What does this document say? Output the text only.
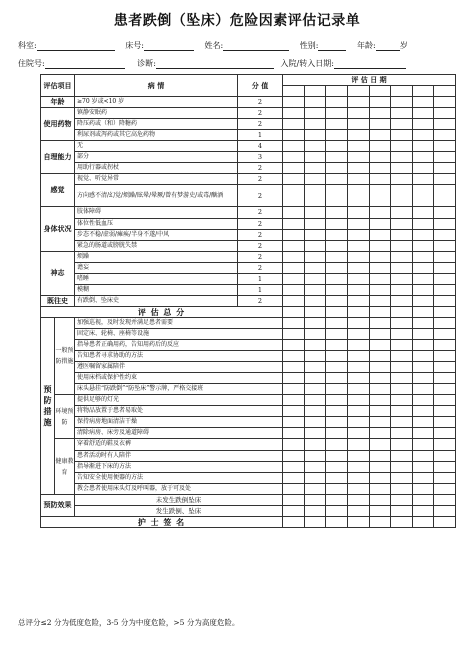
患者跌倒（坠床）危险因素评估记录单
科室:	床号:	姓名:	性别:	年龄:	岁
住院号:	诊断:	入院/转入日期:
评估项目		病 情	分 值	评 估 日 期							

年龄		≥70 岁或<10 岁	2								
使用药物		镇静安眠药	2								
		降压药或（和）降糖药	2								
		利尿剂或泻药或其它高危药物	1								
自理能力		无	4								
		部分	3								
		用助行器或拐杖	2								
感觉		视觉、听觉异常	2								
		方向感不清/幻觉/烦躁/眩晕/晕厥/曾有梦游史/或毒/酗酒	2								
身体状况		肢体障碍	2								
		体位性低血压	2								
		步态不稳/虚弱/瘫痪/半身不遂/中风	2								
		紧急的肠道或膀胱失禁	2								
神志		烦躁	2								
		谵妄	2								
		嗜睡	1								
		模糊	1								
既往史		有跌倒、坠床史	2								
评 估 总 分											
预防措施	一般预防措施	加强巡视，及时发现并满足患者需要									
		固定床、轮椅、座椅等设施									
		指导患者正确用药，告知用药后的反应									
		告知患者寻求协助的方法									
		遵医嘱留家属陪伴									
		使用床档或保护性约束									
		床头悬挂“防跌倒”“防坠床”警示牌，严格交接班									
	环境预防	提供足够的灯光									
		将物品放置于患者易取处									
		保持病房地面清洁干燥									
		清除病房、床旁及通道障碍									
	健康教育	穿着舒适的鞋及衣裤									
		患者活动时有人陪伴									
		指导渐进下床的方法									
		告知安全使用便器的方法									
		教会患者使用床头灯及呼叫器，放于可及处									
预防效果		未发生跌倒坠床									
		发生跌倒、坠床									
护 士 签 名											
总评分≤2 分为低度危险，3-5 分为中度危险，>5 分为高度危险。
